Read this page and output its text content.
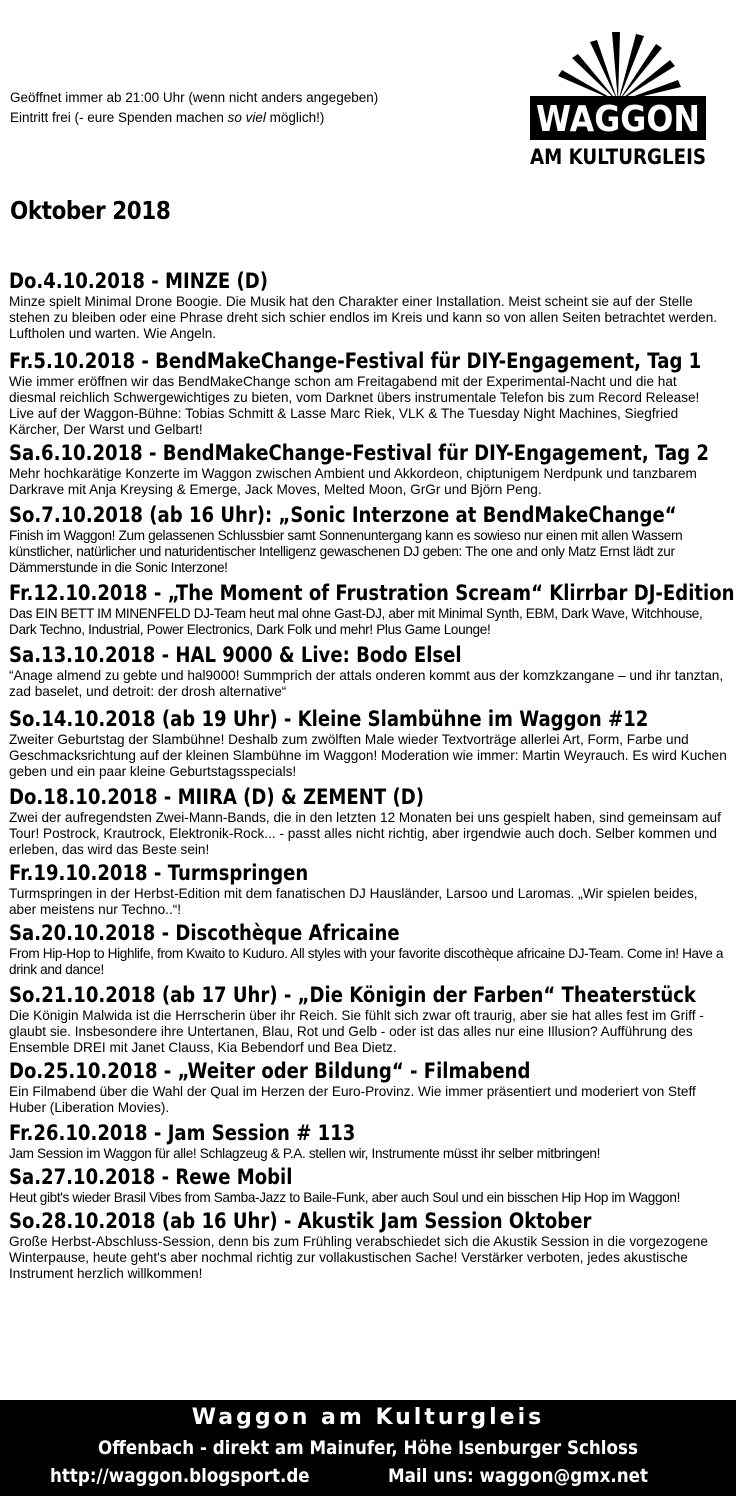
Geöffnet immer ab 21:00 Uhr (wenn nicht anders angegeben)
Eintritt frei (- eure Spenden machen so viel möglich!)	WAGGON
AM KULTURGLEIS
Oktober 2018
Do.4.10.2018 - MINZE (D)
Minze spielt Minimal Drone Boogie. Die Musik hat den Charakter einer Installation. Meist scheint sie auf der Stelle stehen zu bleiben oder eine Phrase dreht sich schier endlos im Kreis und kann so von allen Seiten betrachtet werden. Luftholen und warten. Wie Angeln.
Fr.5.10.2018 - BendMakeChange-Festival für DIY-Engagement, Tag 1
Wie immer eröffnen wir das BendMakeChange schon am Freitagabend mit der Experimental-Nacht und die hat diesmal reichlich Schwergewichtiges zu bieten, vom Darknet übers instrumentale Telefon bis zum Record Release! Live auf der Waggon-Bühne: Tobias Schmitt & Lasse Marc Riek, VLK & The Tuesday Night Machines, Siegfried Kärcher, Der Warst und Gelbart!
Sa.6.10.2018 - BendMakeChange-Festival für DIY-Engagement, Tag 2
Mehr hochkarätige Konzerte im Waggon zwischen Ambient und Akkordeon, chiptunigem Nerdpunk und tanzbarem Darkrave mit Anja Kreysing & Emerge, Jack Moves, Melted Moon, GrGr und Björn Peng.
So.7.10.2018 (ab 16 Uhr): „Sonic Interzone at BendMakeChange“
Finish im Waggon! Zum gelassenen Schlussbier samt Sonnenuntergang kann es sowieso nur einen mit allen Wassern künstlicher, natürlicher und naturidentischer Intelligenz gewaschenen DJ geben: The one and only Matz Ernst lädt zur Dämmerstunde in die Sonic Interzone!
Fr.12.10.2018 - „The Moment of Frustration Scream“ Klirrbar DJ-Edition
Das EIN BETT IM MINENFELD DJ-Team heut mal ohne Gast-DJ, aber mit Minimal Synth, EBM, Dark Wave, Witchhouse, Dark Techno, Industrial, Power Electronics, Dark Folk und mehr! Plus Game Lounge!
Sa.13.10.2018 - HAL 9000 & Live: Bodo Elsel
“Anage almend zu gebte und hal9000! Summprich der attals onderen kommt aus der komzkzangane – und ihr tanztan, zad baselet, und detroit: der drosh alternative“
So.14.10.2018 (ab 19 Uhr) - Kleine Slambühne im Waggon #12
Zweiter Geburtstag der Slambühne! Deshalb zum zwölften Male wieder Textvorträge allerlei Art, Form, Farbe und Geschmacksrichtung auf der kleinen Slambühne im Waggon! Moderation wie immer: Martin Weyrauch. Es wird Kuchen geben und ein paar kleine Geburtstagsspecials!
Do.18.10.2018 - MIIRA (D) & ZEMENT (D)
Zwei der aufregendsten Zwei-Mann-Bands, die in den letzten 12 Monaten bei uns gespielt haben, sind gemeinsam auf Tour! Postrock, Krautrock, Elektronik-Rock... - passt alles nicht richtig, aber irgendwie auch doch. Selber kommen und erleben, das wird das Beste sein!
Fr.19.10.2018 - Turmspringen
Turmspringen in der Herbst-Edition mit dem fanatischen DJ Hausländer, Larsoo und Laromas. „Wir spielen beides, aber meistens nur Techno..“!
Sa.20.10.2018 - Discothèque Africaine
From Hip-Hop to Highlife, from Kwaito to Kuduro. All styles with your favorite discothèque africaine DJ-Team. Come in! Have a drink and dance!
So.21.10.2018 (ab 17 Uhr) - „Die Königin der Farben“ Theaterstück
Die Königin Malwida ist die Herrscherin über ihr Reich. Sie fühlt sich zwar oft traurig, aber sie hat alles fest im Griff - glaubt sie. Insbesondere ihre Untertanen, Blau, Rot und Gelb - oder ist das alles nur eine Illusion? Aufführung des Ensemble DREI mit Janet Clauss, Kia Bebendorf und Bea Dietz.
Do.25.10.2018 - „Weiter oder Bildung“ - Filmabend
Ein Filmabend über die Wahl der Qual im Herzen der Euro-Provinz. Wie immer präsentiert und moderiert von Steff Huber (Liberation Movies).
Fr.26.10.2018 - Jam Session # 113
Jam Session im Waggon für alle! Schlagzeug & P.A. stellen wir, Instrumente müsst ihr selber mitbringen!
Sa.27.10.2018 - Rewe Mobil
Heut gibt's wieder Brasil Vibes from Samba-Jazz to Baile-Funk, aber auch Soul und ein bisschen Hip Hop im Waggon!
So.28.10.2018 (ab 16 Uhr) - Akustik Jam Session Oktober
Große Herbst-Abschluss-Session, denn bis zum Frühling verabschiedet sich die Akustik Session in die vorgezogene Winterpause, heute geht's aber nochmal richtig zur vollakustischen Sache! Verstärker verboten, jedes akustische Instrument herzlich willkommen!
Waggon am Kulturgleis
Offenbach - direkt am Mainufer, Höhe Isenburger Schloss
http://waggon.blogsport.de	Mail uns: waggon@gmx.net
